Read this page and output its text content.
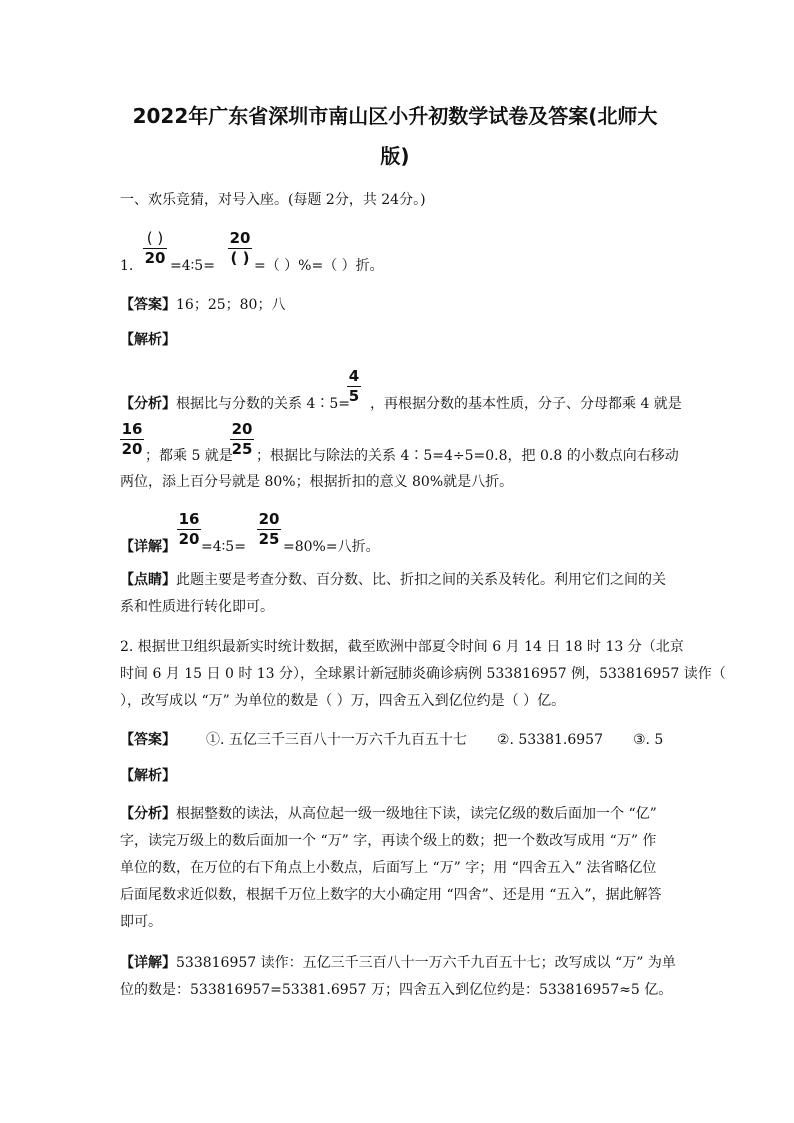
2022年广东省深圳市南山区小升初数学试卷及答案(北师大
版)
一、欢乐竞猜，对号入座。(每题 2分，共 24分。)
1.
( )
20 =4∶5=
20
( ) =（ ）%=（ ）折。
【答案】16；25；80；八
【解析】
【分析】根据比与分数的关系 4∶5= ，再根据分数的基本性质，分子、分母都乘 4 就是
$\frac{4}{5}$
$\frac{16}{20}$ ；都乘 5 就是
$\frac{20}{25}$ ；根据比与除法的关系 4∶5=4÷5=0.8，把 0.8 的小数点向右移动
两位，添上百分号就是 80%；根据折扣的意义 80%就是八折。
【详解】 $\frac{16}{20}$ =4∶5= $\frac{20}{25} =80\%=$八折。
【点睛】此题主要是考查分数、百分数、比、折扣之间的关系及转化。利用它们之间的关
系和性质进行转化即可。
2. 根据世卫组织最新实时统计数据，截至欧洲中部夏令时间 6 月 14 日 18 时 13 分（北京
时间 6 月 15 日 0 时 13 分），全球累计新冠肺炎确诊病例 533816957 例，533816957 读作（
），改写成以 “万” 为单位的数是（ ）万，四舍五入到亿位约是（ ）亿。
【答案】 ①. 五亿三千三百八十一万六千九百五十七 ②. 53381.6957 ③. 5
【解析】
【分析】根据整数的读法，从高位起一级一级地往下读，读完亿级的数后面加一个 “亿”
字，读完万级上的数后面加一个 “万” 字，再读个级上的数；把一个数改写成用 “万” 作
单位的数，在万位的右下角点上小数点，后面写上 “万” 字；用 “四舍五入” 法省略亿位
后面尾数求近似数，根据千万位上数字的大小确定用 “四舍”、还是用 “五入”，据此解答
即可。
【详解】533816957 读作：五亿三千三百八十一万六千九百五十七；改写成以 “万” 为单
位的数是：533816957=53381.6957 万；四舍五入到亿位约是：533816957≈5 亿。
